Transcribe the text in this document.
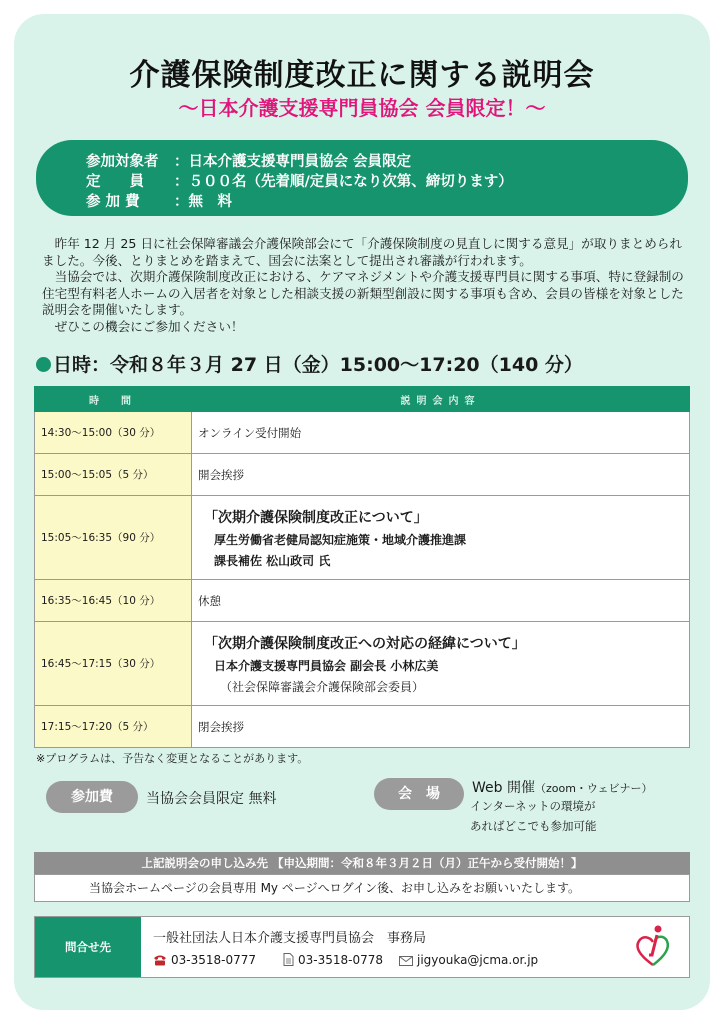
介護保険制度改正に関する説明会
～日本介護支援専門員協会 会員限定！～
参加対象者 ：日本介護支援専門員協会 会員限定
定　　員 ：５００名（先着順/定員になり次第、締切ります）
参 加 費 ：無　料

昨年 12 月 25 日に社会保障審議会介護保険部会にて「介護保険制度の見直しに関する意見」が取りまとめられました。今後、とりまとめを踏まえて、国会に法案として提出され審議が行われます。

当協会では、次期介護保険制度改正における、ケアマネジメントや介護支援専門員に関する事項、特に登録制の住宅型有料老人ホームの入居者を対象とした相談支援の新類型創設に関する事項も含め、会員の皆様を対象とした説明会を開催いたします。

ぜひこの機会にご参加ください！

日時：令和８年３月 27 日（金）15:00～17:20（140 分）
時　間	説明会内容
14:30～15:00（30 分）	オンライン受付開始
15:00～15:05（5 分）	開会挨拶
15:05～16:35（90 分）	「次期介護保険制度改正について」
厚生労働省老健局認知症施策・地域介護推進課
課長補佐 松山政司 氏

16:35～16:45（10 分）	休憩
16:45～17:15（30 分）	「次期介護保険制度改正への対応の経緯について」
日本介護支援専門員協会 副会長 小林広美
（社会保障審議会介護保険部会委員）

17:15～17:20（5 分）	閉会挨拶
※プログラムは、予告なく変更となることがあります。
参加費	当協会会員限定 無料	会　場	Web 開催（zoom・ウェビナー）
インターネットの環境が
あればどこでも参加可能
上記説明会の申し込み先 【申込期間：令和８年３月２日（月）正午から受付開始！】
当協会ホームページの会員専用 My ページへログイン後、お申し込みをお願いいたします。
問合せ先
一般社団法人日本介護支援専門員協会　事務局
03-3518-0777	03-3518-0778	jigyouka@jcma.or.jp
